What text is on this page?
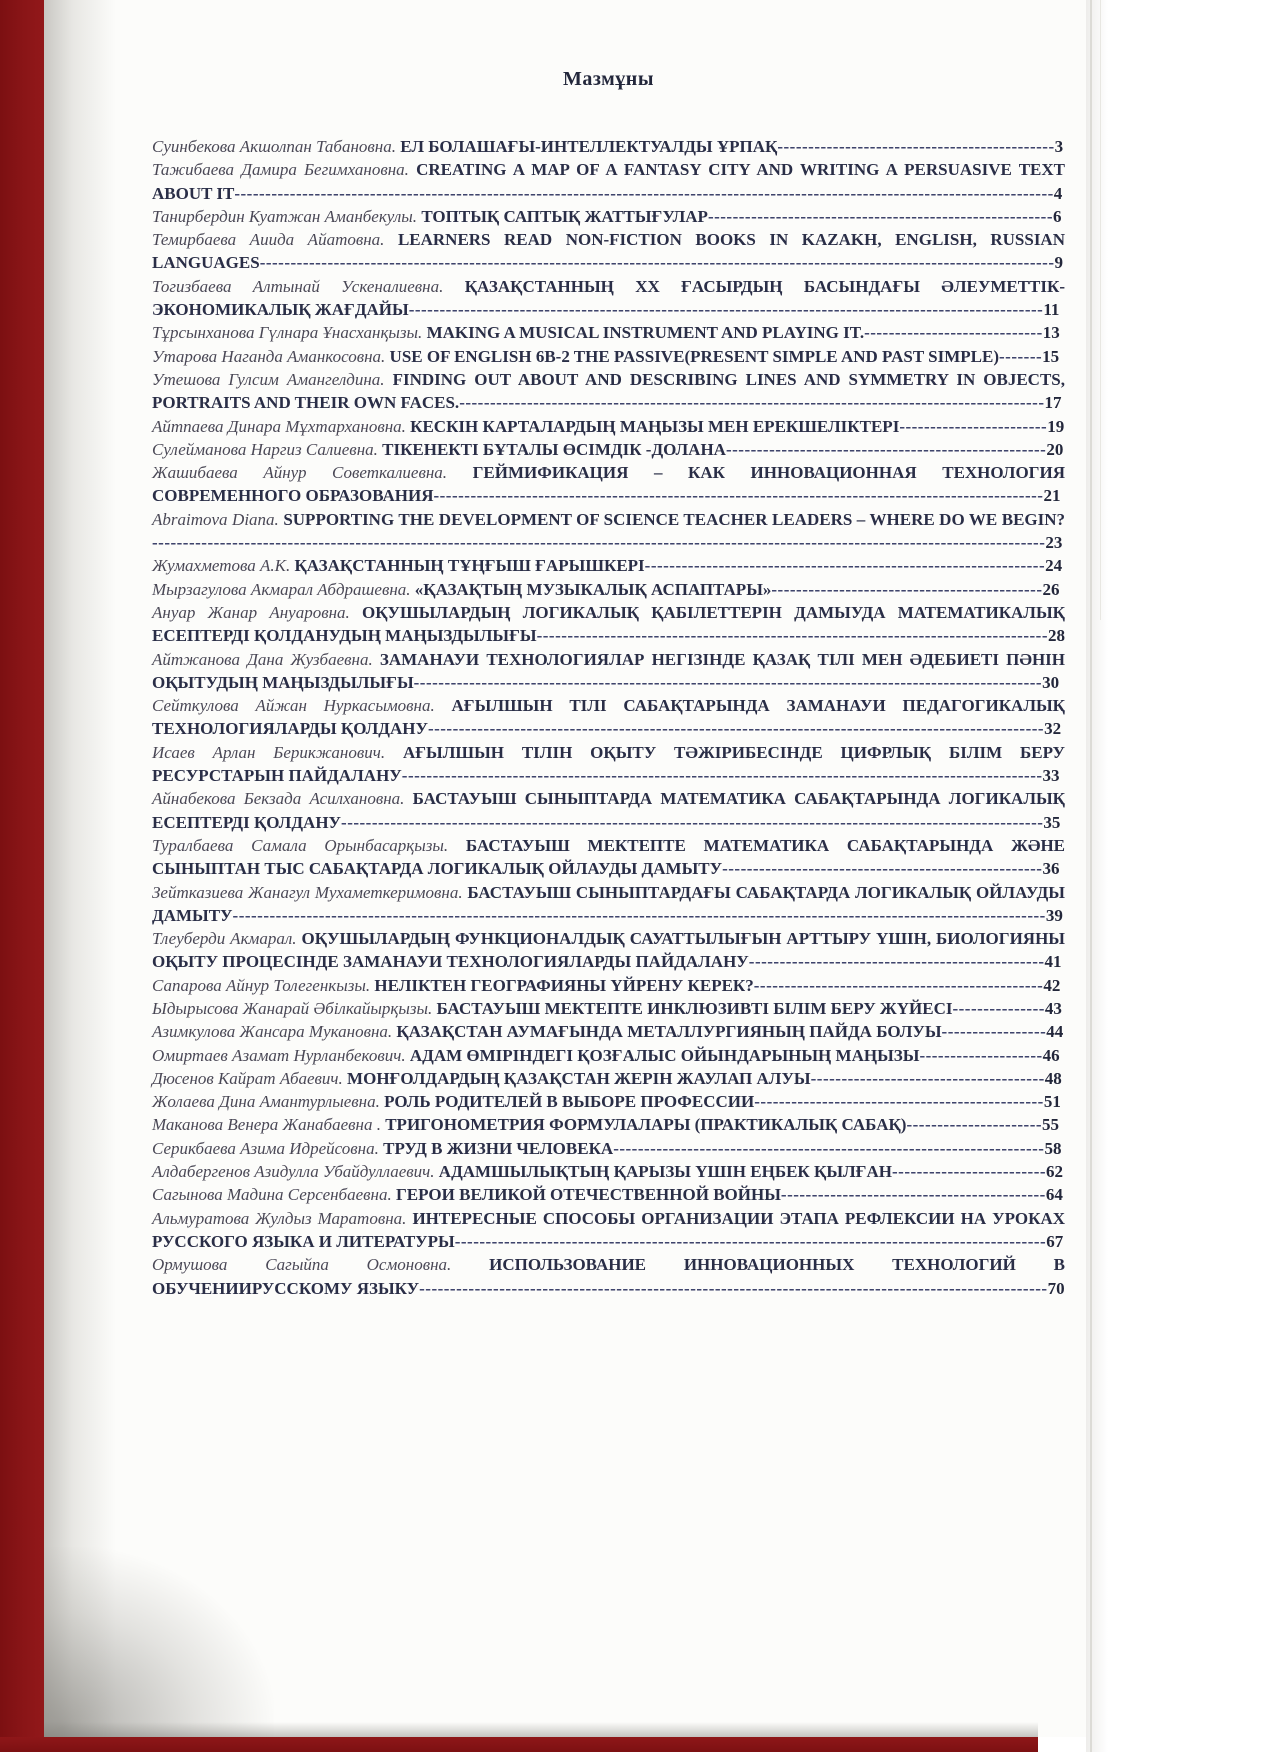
Мазмұны
Суинбекова Акшолпан Табановна. ЕЛ БОЛАШАҒЫ-ИНТЕЛЛЕКТУАЛДЫ ҰРПАҚ---------------------------------------------3
Тажибаева Дамира Бегимхановна. CREATING A MAP OF A FANTASY CITY AND WRITING A PERSUASIVE TEXT ABOUT IT-------------------------------------------------------------------------------------------------------------------------------------4
Танирбердин Куатжан Аманбекулы. ТОПТЫҚ САПТЫҚ ЖАТТЫҒУЛАР--------------------------------------------------------6
Темирбаева Аиида Айатовна. LEARNERS READ NON-FICTION BOOKS IN KAZAKH, ENGLISH, RUSSIAN LANGUAGES---------------------------------------------------------------------------------------------------------------------------------9
Тогизбаева Алтынай Ускеналиевна. ҚАЗАҚСТАННЫҢ XX ҒАСЫРДЫҢ БАСЫНДАҒЫ ӘЛЕУМЕТТІК-ЭКОНОМИКАЛЫҚ ЖАҒДАЙЫ-------------------------------------------------------------------------------------------------------11
Тұрсынханова Гүлнара Ұнасханқызы. MAKING A MUSICAL INSTRUMENT AND PLAYING IT.-----------------------------13
Утарова Наганда Аманкосовна. USE OF ENGLISH 6B-2 THE PASSIVE(PRESENT SIMPLE AND PAST SIMPLE)-------15
Утешова Гулсим Амангелдина. FINDING OUT ABOUT AND DESCRIBING LINES AND SYMMETRY IN OBJECTS, PORTRAITS AND THEIR OWN FACES.-----------------------------------------------------------------------------------------------17
Айтпаева Динара Мұхтархановна. КЕСКІН КАРТАЛАРДЫҢ МАҢЫЗЫ МЕН ЕРЕКШЕЛІКТЕРІ------------------------19
Сулейманова Наргиз Салиевна. ТІКЕНЕКТІ БҰТАЛЫ ӨСІМДІК -ДОЛАНА----------------------------------------------------20
Жашибаева Айнур Советкалиевна. ГЕЙМИФИКАЦИЯ – КАК ИННОВАЦИОННАЯ ТЕХНОЛОГИЯ СОВРЕМЕННОГО ОБРАЗОВАНИЯ---------------------------------------------------------------------------------------------------21
Abraimova Diana. SUPPORTING THE DEVELOPMENT OF SCIENCE TEACHER LEADERS – WHERE DO WE BEGIN?-------------------------------------------------------------------------------------------------------------------------------------------------23
Жумахметова А.К. ҚАЗАҚСТАННЫҢ ТҰҢҒЫШ ҒАРЫШКЕРІ-----------------------------------------------------------------24
Мырзагулова Акмарал Абдрашевна. «ҚАЗАҚТЫҢ МУЗЫКАЛЫҚ АСПАПТАРЫ»--------------------------------------------26
Ануар Жанар Ануаровна. ОҚУШЫЛАРДЫҢ ЛОГИКАЛЫҚ ҚАБІЛЕТТЕРІН ДАМЫУДА МАТЕМАТИКАЛЫҚ ЕСЕПТЕРДІ ҚОЛДАНУДЫҢ МАҢЫЗДЫЛЫҒЫ-----------------------------------------------------------------------------------28
Айтжанова Дана Жузбаевна. ЗАМАНАУИ ТЕХНОЛОГИЯЛАР НЕГІЗІНДЕ ҚАЗАҚ ТІЛІ МЕН ӘДЕБИЕТІ ПӘНІН ОҚЫТУДЫҢ МАҢЫЗДЫЛЫҒЫ------------------------------------------------------------------------------------------------------30
Сейткулова Айжан Нуркасымовна. АҒЫЛШЫН ТІЛІ САБАҚТАРЫНДА ЗАМАНАУИ ПЕДАГОГИКАЛЫҚ ТЕХНОЛОГИЯЛАРДЫ ҚОЛДАНУ----------------------------------------------------------------------------------------------------32
Исаев Арлан Берикжанович. АҒЫЛШЫН ТІЛІН ОҚЫТУ ТӘЖІРИБЕСІНДЕ ЦИФРЛЫҚ БІЛІМ БЕРУ РЕСУРСТАРЫН ПАЙДАЛАНУ--------------------------------------------------------------------------------------------------------33
Айнабекова Бекзада Асилхановна. БАСТАУЫШ СЫНЫПТАРДА МАТЕМАТИКА САБАҚТАРЫНДА ЛОГИКАЛЫҚ ЕСЕПТЕРДІ ҚОЛДАНУ------------------------------------------------------------------------------------------------------------------35
Туралбаева Самала Орынбасарқызы. БАСТАУЫШ МЕКТЕПТЕ МАТЕМАТИКА САБАҚТАРЫНДА ЖӘНЕ СЫНЫПТАН ТЫС САБАҚТАРДА ЛОГИКАЛЫҚ ОЙЛАУДЫ ДАМЫТУ----------------------------------------------------36
Зейтказиева Жанагул Мухаметкеримовна. БАСТАУЫШ СЫНЫПТАРДАҒЫ САБАҚТАРДА ЛОГИКАЛЫҚ ОЙЛАУДЫ ДАМЫТУ------------------------------------------------------------------------------------------------------------------------------------39
Тлеуберди Акмарал. ОҚУШЫЛАРДЫҢ ФУНКЦИОНАЛДЫҚ САУАТТЫЛЫҒЫН АРТТЫРУ ҮШІН, БИОЛОГИЯНЫ ОҚЫТУ ПРОЦЕСІНДЕ ЗАМАНАУИ ТЕХНОЛОГИЯЛАРДЫ ПАЙДАЛАНУ------------------------------------------------41
Сапарова Айнур Толегенкызы. НЕЛІКТЕН ГЕОГРАФИЯНЫ ҮЙРЕНУ КЕРЕК?-----------------------------------------------42
Ыдырысова Жанарай Әбілкайырқызы. БАСТАУЫШ МЕКТЕПТЕ ИНКЛЮЗИВТІ БІЛІМ БЕРУ ЖҮЙЕСІ---------------43
Азимкулова Жансара Мукановна. ҚАЗАҚСТАН АУМАҒЫНДА МЕТАЛЛУРГИЯНЫҢ ПАЙДА БОЛУЫ-----------------44
Омиртаев Азамат Нурланбекович. АДАМ ӨМІРІНДЕГІ ҚОЗҒАЛЫС ОЙЫНДАРЫНЫҢ МАҢЫЗЫ--------------------46
Дюсенов Кайрат Абаевич. МОНҒОЛДАРДЫҢ ҚАЗАҚСТАН ЖЕРІН ЖАУЛАП АЛУЫ--------------------------------------48
Жолаева Дина Амантурлыевна. РОЛЬ РОДИТЕЛЕЙ В ВЫБОРЕ ПРОФЕССИИ-----------------------------------------------51
Маканова Венера Жанабаевна . ТРИГОНОМЕТРИЯ ФОРМУЛАЛАРЫ (ПРАКТИКАЛЫҚ САБАҚ)----------------------55
Серикбаева Азима Идрейсовна. ТРУД В ЖИЗНИ ЧЕЛОВЕКА----------------------------------------------------------------------58
Алдабергенов Азидулла Убайдуллаевич. АДАМШЫЛЫҚТЫҢ ҚАРЫЗЫ ҮШІН ЕҢБЕК ҚЫЛҒАН-------------------------62
Сагынова Мадина Серсенбаевна. ГЕРОИ ВЕЛИКОЙ ОТЕЧЕСТВЕННОЙ ВОЙНЫ-------------------------------------------64
Альмуратова Жулдыз Маратовна. ИНТЕРЕСНЫЕ СПОСОБЫ ОРГАНИЗАЦИИ ЭТАПА РЕФЛЕКСИИ НА УРОКАХ РУССКОГО ЯЗЫКА И ЛИТЕРАТУРЫ------------------------------------------------------------------------------------------------67
Ормушова Сагыйпа Осмоновна. ИСПОЛЬЗОВАНИЕ ИННОВАЦИОННЫХ ТЕХНОЛОГИЙ В ОБУЧЕНИИРУССКОМУ ЯЗЫКУ------------------------------------------------------------------------------------------------------70
